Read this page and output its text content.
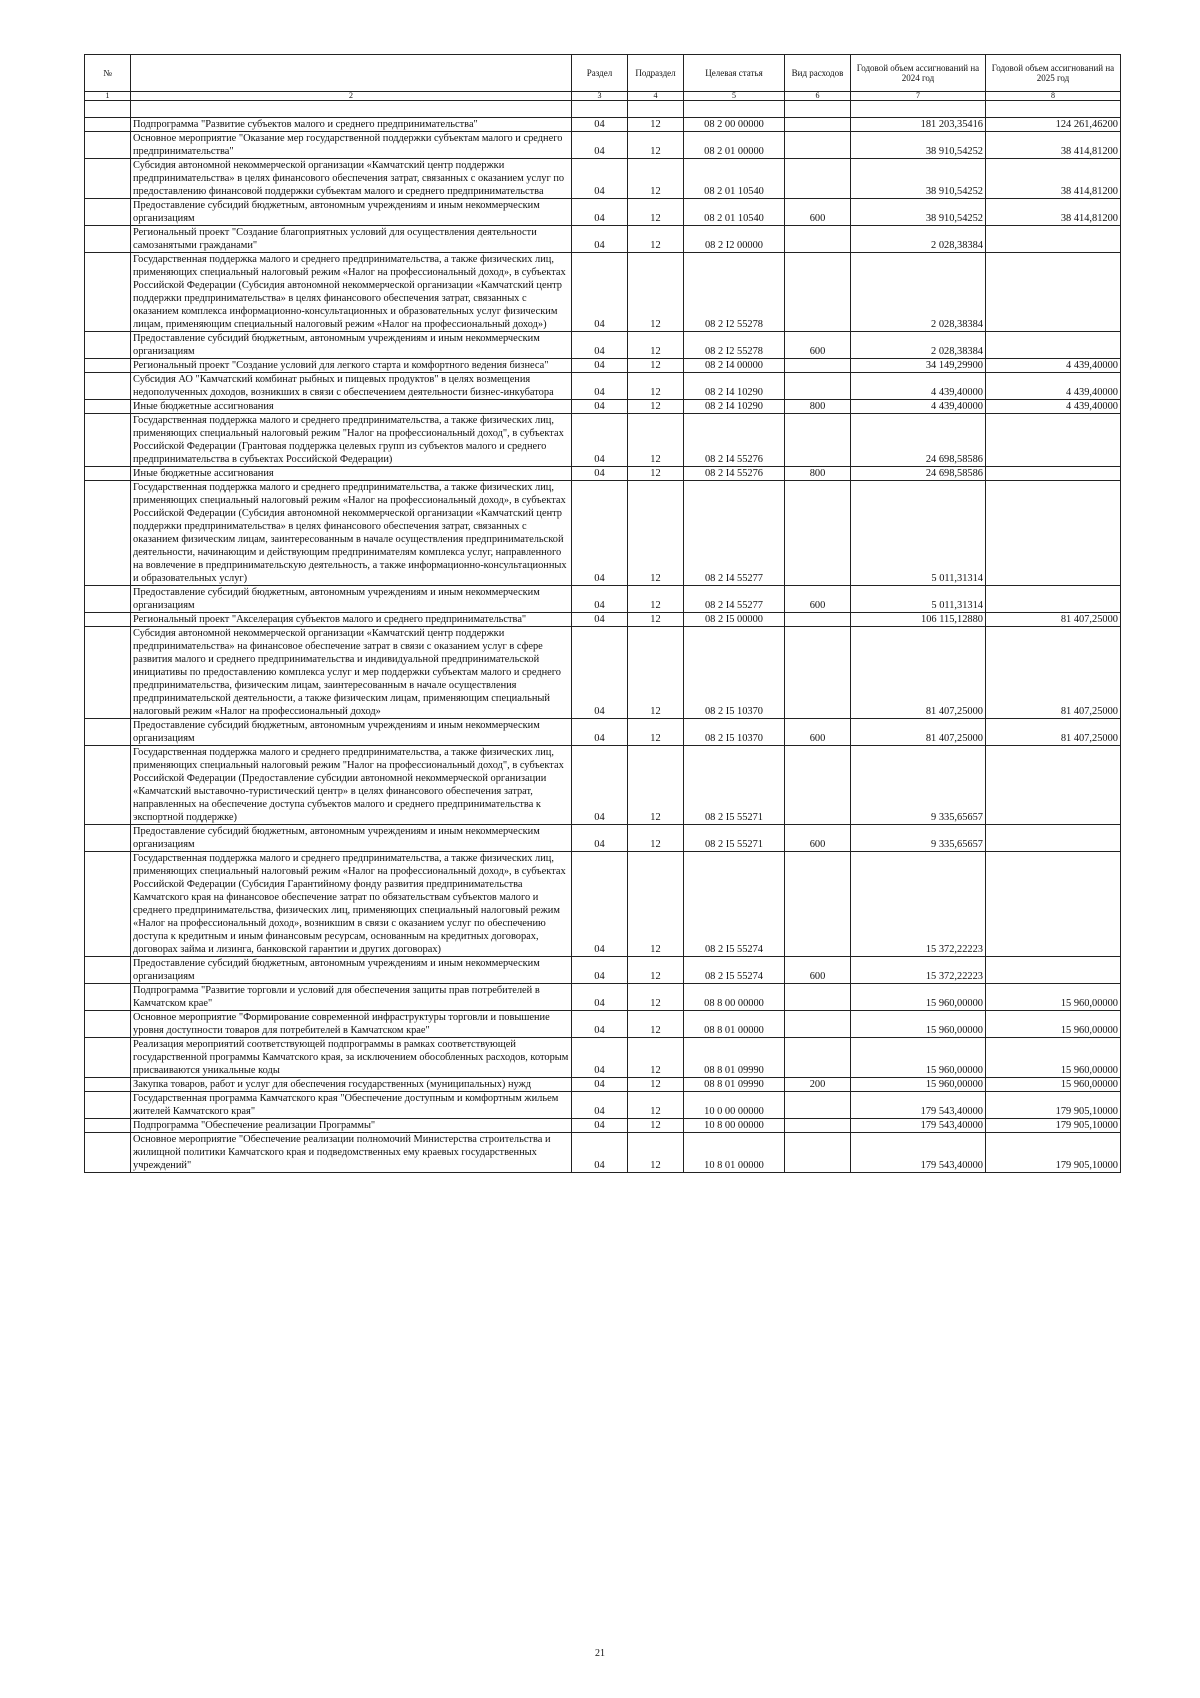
№		Раздел	Подраздел	Целевая статья	Вид расходов	Годовой объем ассигнований на 2024 год	Годовой объем ассигнований на 2025 год
1	2	3	4	5	6	7	8

	Подпрограмма "Развитие субъектов малого и среднего предпринимательства"	04	12	08 2 00 00000		181 203,35416	124 261,46200
	Основное мероприятие "Оказание мер государственной поддержки субъектам малого и среднего предпринимательства"	04	12	08 2 01 00000		38 910,54252	38 414,81200
	Субсидия автономной некоммерческой организации «Камчатский центр поддержки предпринимательства» в целях финансового обеспечения затрат, связанных с оказанием услуг по предоставлению финансовой поддержки субъектам малого и среднего предпринимательства	04	12	08 2 01 10540		38 910,54252	38 414,81200
	Предоставление субсидий бюджетным, автономным учреждениям и иным некоммерческим организациям	04	12	08 2 01 10540	600	38 910,54252	38 414,81200
	Региональный проект "Создание благоприятных условий для осуществления деятельности самозанятыми гражданами"	04	12	08 2 I2 00000		2 028,38384	
	Государственная поддержка малого и среднего предпринимательства, а также физических лиц, применяющих специальный налоговый режим «Налог на профессиональный доход», в субъектах Российской Федерации (Субсидия автономной некоммерческой организации «Камчатский центр поддержки предпринимательства» в целях финансового обеспечения затрат, связанных с оказанием комплекса информационно-консультационных и образовательных услуг физическим лицам, применяющим специальный налоговый режим «Налог на профессиональный доход»)	04	12	08 2 I2 55278		2 028,38384	
	Предоставление субсидий бюджетным, автономным учреждениям и иным некоммерческим организациям	04	12	08 2 I2 55278	600	2 028,38384	
	Региональный проект "Создание условий для легкого старта и комфортного ведения бизнеса"	04	12	08 2 I4 00000		34 149,29900	4 439,40000
	Субсидия АО "Камчатский комбинат рыбных и пищевых продуктов" в целях возмещения недополученных доходов, возникших в связи с обеспечением деятельности бизнес-инкубатора	04	12	08 2 I4 10290		4 439,40000	4 439,40000
	Иные бюджетные ассигнования	04	12	08 2 I4 10290	800	4 439,40000	4 439,40000
	Государственная поддержка малого и среднего предпринимательства, а также физических лиц, применяющих специальный налоговый режим "Налог на профессиональный доход", в субъектах Российской Федерации (Грантовая поддержка целевых групп из субъектов малого и среднего предпринимательства в субъектах Российской Федерации)	04	12	08 2 I4 55276		24 698,58586	
	Иные бюджетные ассигнования	04	12	08 2 I4 55276	800	24 698,58586	
	Государственная поддержка малого и среднего предпринимательства, а также физических лиц, применяющих специальный налоговый режим «Налог на профессиональный доход», в субъектах Российской Федерации (Субсидия автономной некоммерческой организации «Камчатский центр поддержки предпринимательства» в целях финансового обеспечения затрат, связанных с оказанием физическим лицам, заинтересованным в начале осуществления предпринимательской деятельности, начинающим и действующим предпринимателям комплекса услуг, направленного на вовлечение в предпринимательскую деятельность, а также информационно-консультационных и образовательных услуг)	04	12	08 2 I4 55277		5 011,31314	
	Предоставление субсидий бюджетным, автономным учреждениям и иным некоммерческим организациям	04	12	08 2 I4 55277	600	5 011,31314	
	Региональный проект "Акселерация субъектов малого и среднего предпринимательства"	04	12	08 2 I5 00000		106 115,12880	81 407,25000
	Субсидия автономной некоммерческой организации «Камчатский центр поддержки предпринимательства» на финансовое обеспечение затрат в связи с оказанием услуг в сфере развития малого и среднего предпринимательства и индивидуальной предпринимательской инициативы по предоставлению комплекса услуг и мер поддержки субъектам малого и среднего предпринимательства, физическим лицам, заинтересованным в начале осуществления предпринимательской деятельности, а также физическим лицам, применяющим специальный налоговый режим «Налог на профессиональный доход»	04	12	08 2 I5 10370		81 407,25000	81 407,25000
	Предоставление субсидий бюджетным, автономным учреждениям и иным некоммерческим организациям	04	12	08 2 I5 10370	600	81 407,25000	81 407,25000
	Государственная поддержка малого и среднего предпринимательства, а также физических лиц, применяющих специальный налоговый режим "Налог на профессиональный доход", в субъектах Российской Федерации (Предоставление субсидии автономной некоммерческой организации «Камчатский выставочно-туристический центр» в целях финансового обеспечения затрат, направленных на обеспечение доступа субъектов малого и среднего предпринимательства к экспортной поддержке)	04	12	08 2 I5 55271		9 335,65657	
	Предоставление субсидий бюджетным, автономным учреждениям и иным некоммерческим организациям	04	12	08 2 I5 55271	600	9 335,65657	
	Государственная поддержка малого и среднего предпринимательства, а также физических лиц, применяющих специальный налоговый режим «Налог на профессиональный доход», в субъектах Российской Федерации (Субсидия Гарантийному фонду развития предпринимательства Камчатского края на финансовое обеспечение затрат по обязательствам субъектов малого и среднего предпринимательства, физических лиц, применяющих специальный налоговый режим «Налог на профессиональный доход», возникшим в связи с оказанием услуг по обеспечению доступа к кредитным и иным финансовым ресурсам, основанным на кредитных договорах, договорах займа и лизинга, банковской гарантии и других договорах)	04	12	08 2 I5 55274		15 372,22223	
	Предоставление субсидий бюджетным, автономным учреждениям и иным некоммерческим организациям	04	12	08 2 I5 55274	600	15 372,22223	
	Подпрограмма "Развитие торговли и условий для обеспечения защиты прав потребителей в Камчатском крае"	04	12	08 8 00 00000		15 960,00000	15 960,00000
	Основное мероприятие "Формирование современной инфраструктуры торговли и повышение уровня доступности товаров для потребителей в Камчатском крае"	04	12	08 8 01 00000		15 960,00000	15 960,00000
	Реализация мероприятий соответствующей подпрограммы в рамках соответствующей государственной программы Камчатского края, за исключением обособленных расходов, которым присваиваются уникальные коды	04	12	08 8 01 09990		15 960,00000	15 960,00000
	Закупка товаров, работ и услуг для обеспечения государственных (муниципальных) нужд	04	12	08 8 01 09990	200	15 960,00000	15 960,00000
	Государственная программа Камчатского края "Обеспечение доступным и комфортным жильем жителей Камчатского края"	04	12	10 0 00 00000		179 543,40000	179 905,10000
	Подпрограмма "Обеспечение реализации Программы"	04	12	10 8 00 00000		179 543,40000	179 905,10000
	Основное мероприятие "Обеспечение реализации полномочий Министерства строительства и жилищной политики Камчатского края и подведомственных ему краевых государственных учреждений"	04	12	10 8 01 00000		179 543,40000	179 905,10000
21
